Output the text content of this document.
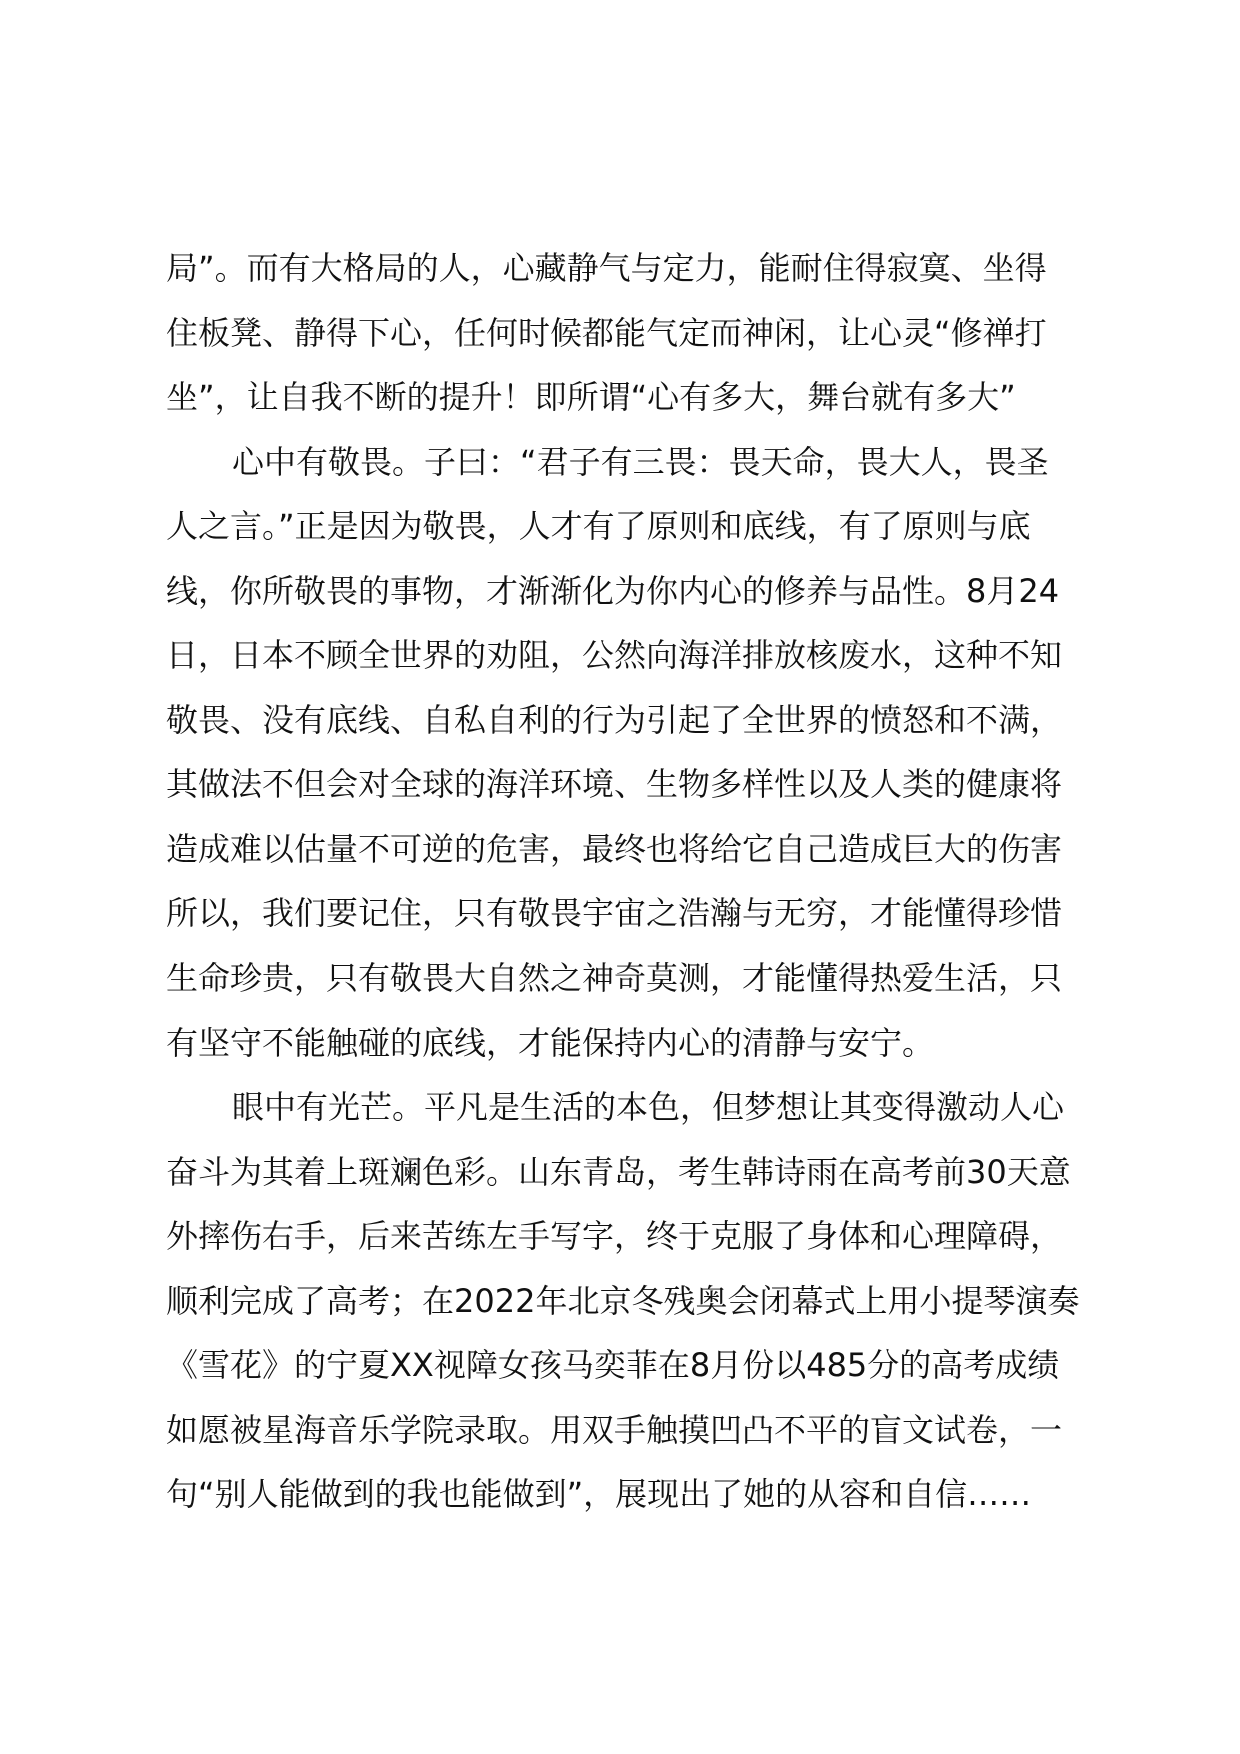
局”。而有大格局的人，心藏静气与定力，能耐住得寂寞、坐得
住板凳、静得下心，任何时候都能气定而神闲，让心灵“修禅打
坐”，让自我不断的提升！即所谓“心有多大，舞台就有多大”
心中有敬畏。子曰：“君子有三畏：畏天命，畏大人，畏圣
人之言。”正是因为敬畏，人才有了原则和底线，有了原则与底
线，你所敬畏的事物，才渐渐化为你内心的修养与品性。8月24
日，日本不顾全世界的劝阻，公然向海洋排放核废水，这种不知
敬畏、没有底线、自私自利的行为引起了全世界的愤怒和不满，
其做法不但会对全球的海洋环境、生物多样性以及人类的健康将
造成难以估量不可逆的危害，最终也将给它自己造成巨大的伤害
所以，我们要记住，只有敬畏宇宙之浩瀚与无穷，才能懂得珍惜
生命珍贵，只有敬畏大自然之神奇莫测，才能懂得热爱生活，只
有坚守不能触碰的底线，才能保持内心的清静与安宁。
眼中有光芒。平凡是生活的本色，但梦想让其变得激动人心
奋斗为其着上斑斓色彩。山东青岛，考生韩诗雨在高考前30天意
外摔伤右手，后来苦练左手写字，终于克服了身体和心理障碍，
顺利完成了高考；在2022年北京冬残奥会闭幕式上用小提琴演奏
《雪花》的宁夏XX视障女孩马奕菲在8月份以485分的高考成绩
如愿被星海音乐学院录取。用双手触摸凹凸不平的盲文试卷，一
句“别人能做到的我也能做到”，展现出了她的从容和自信……
